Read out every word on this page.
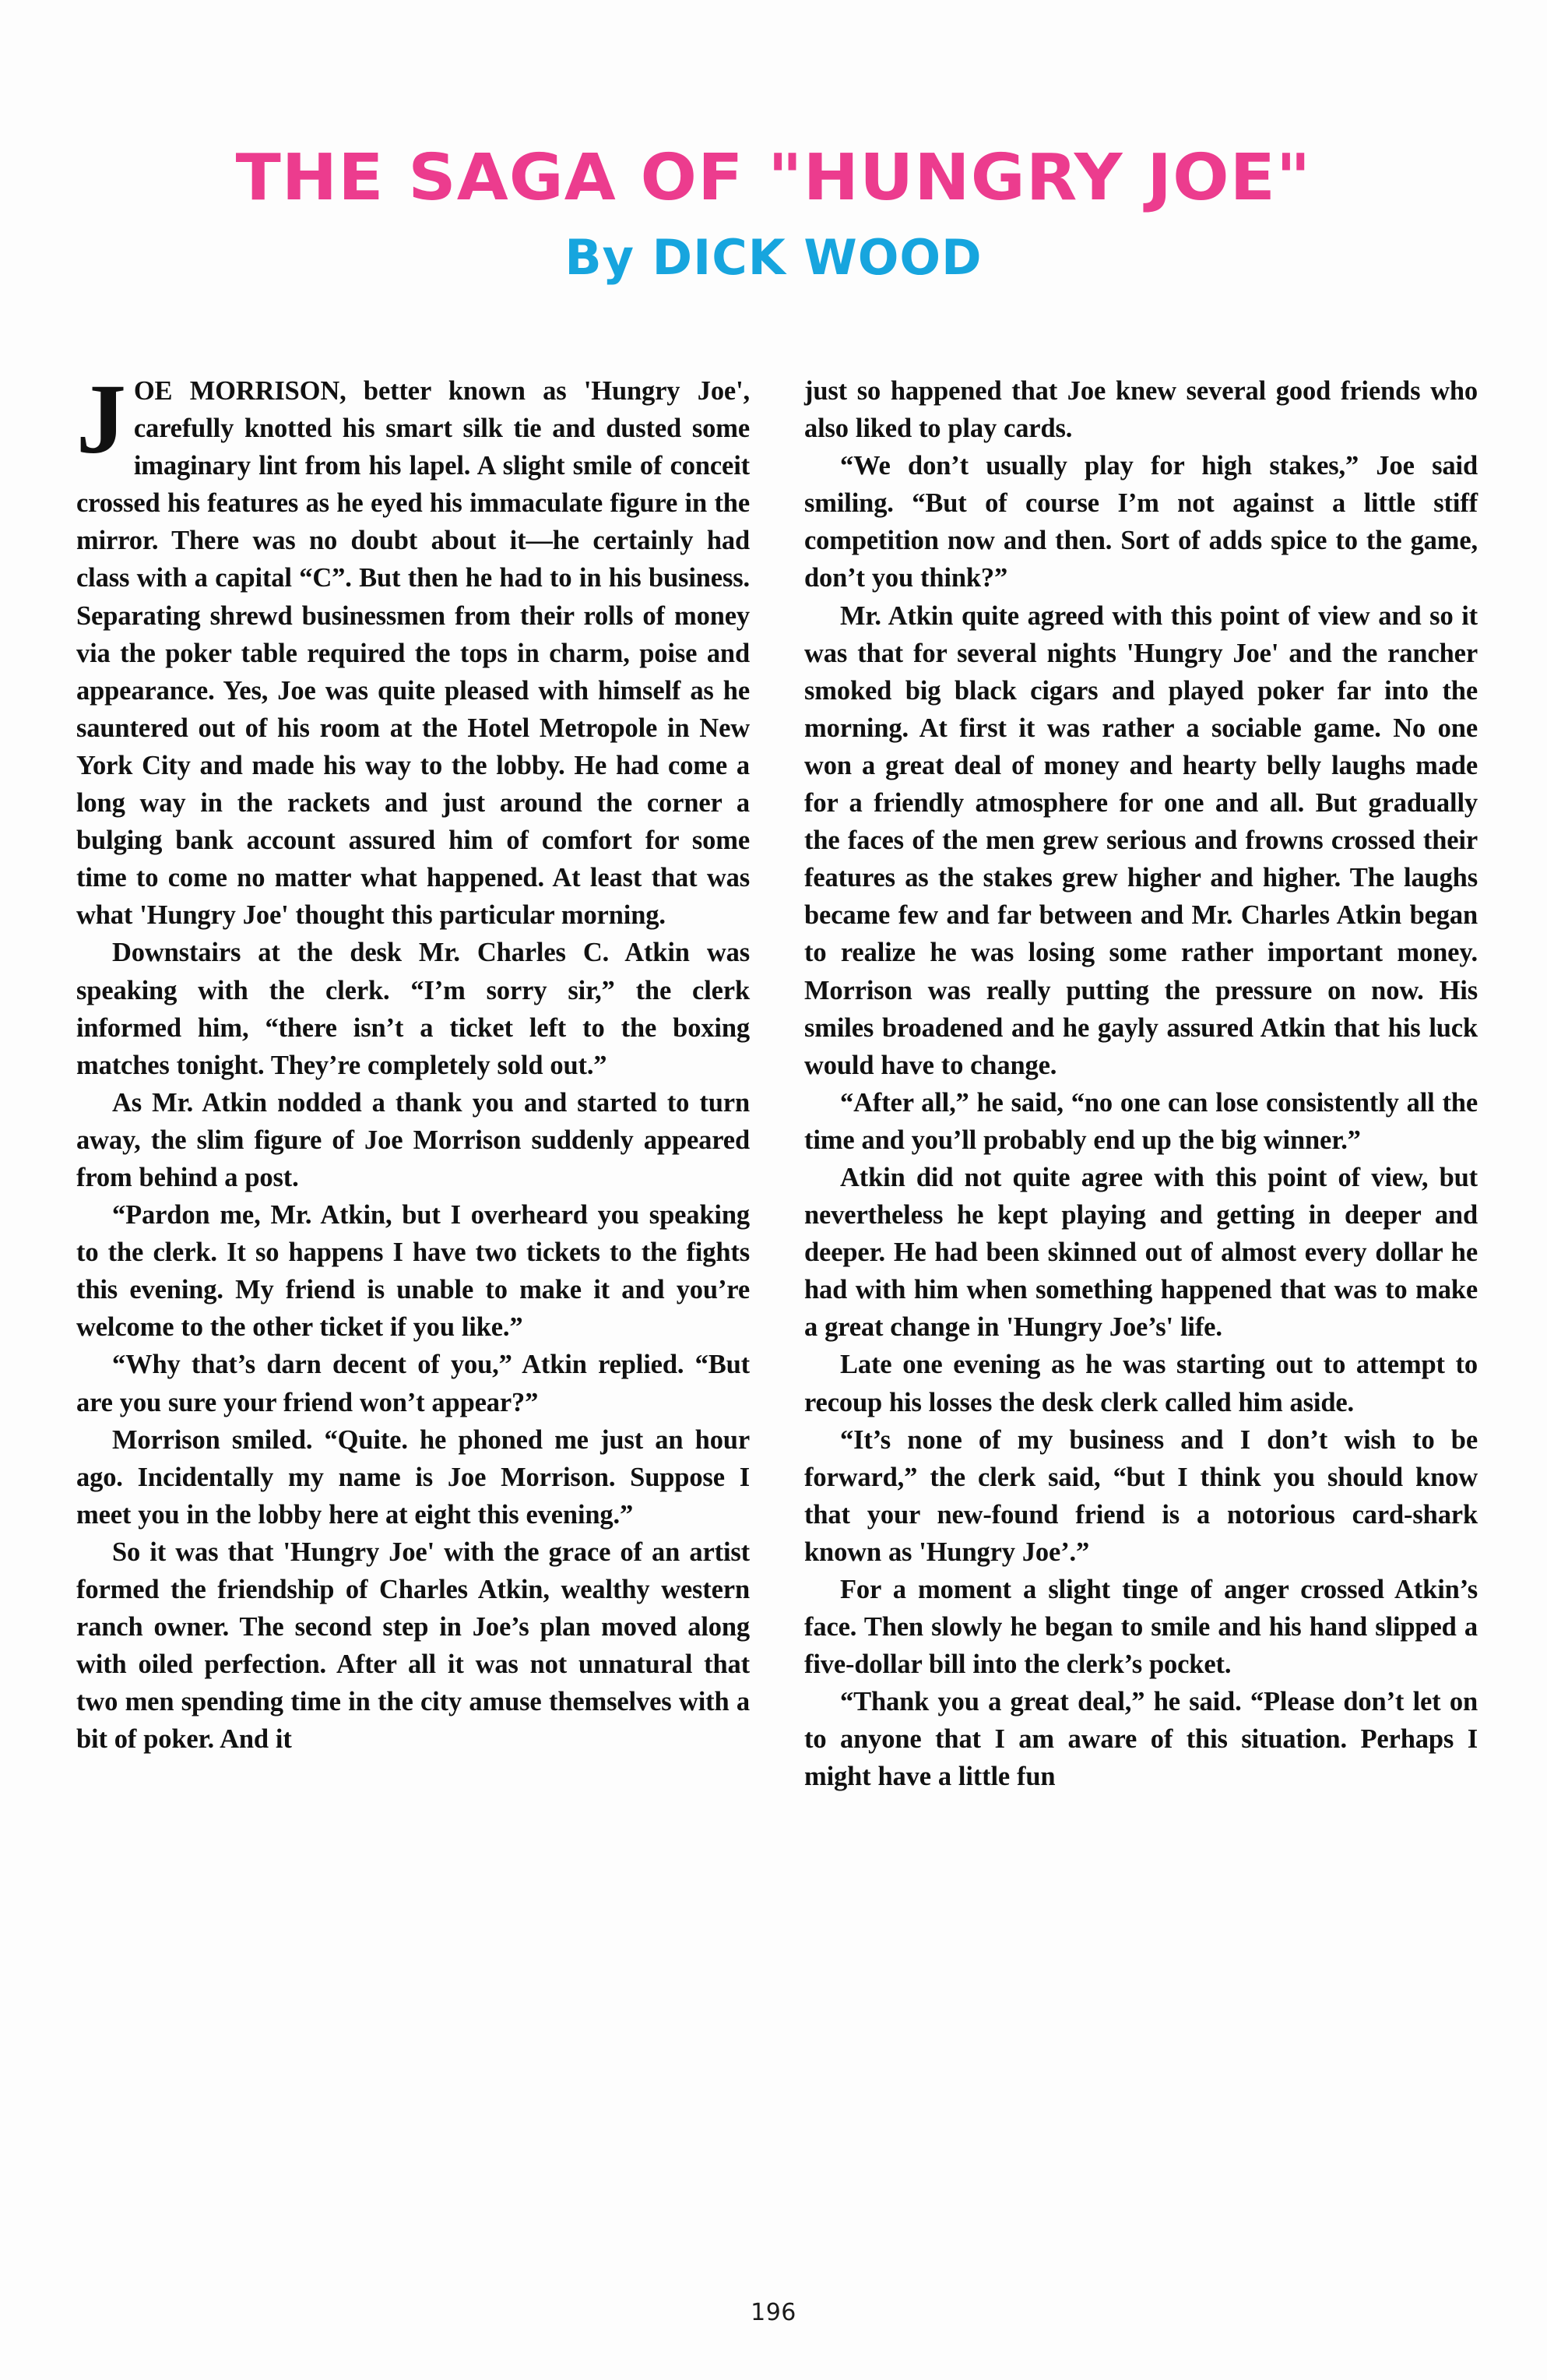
THE SAGA OF "HUNGRY JOE"
By DICK WOOD

JOE MORRISON, better known as 'Hungry Joe', carefully knotted his smart silk tie and dusted some imaginary lint from his lapel. A slight smile of conceit crossed his features as he eyed his immaculate figure in the mirror. There was no doubt about it—he certainly had class with a capital “C”. But then he had to in his business. Separating shrewd businessmen from their rolls of money via the poker table required the tops in charm, poise and appearance. Yes, Joe was quite pleased with himself as he sauntered out of his room at the Hotel Metropole in New York City and made his way to the lobby. He had come a long way in the rackets and just around the corner a bulging bank account assured him of comfort for some time to come no matter what happened. At least that was what 'Hungry Joe' thought this particular morning.

Downstairs at the desk Mr. Charles C. Atkin was speaking with the clerk. “I’m sorry sir,” the clerk informed him, “there isn’t a ticket left to the boxing matches tonight. They’re completely sold out.”

As Mr. Atkin nodded a thank you and started to turn away, the slim figure of Joe Morrison suddenly appeared from behind a post.

“Pardon me, Mr. Atkin, but I overheard you speaking to the clerk. It so happens I have two tickets to the fights this evening. My friend is unable to make it and you’re welcome to the other ticket if you like.”

“Why that’s darn decent of you,” Atkin replied. “But are you sure your friend won’t appear?”

Morrison smiled. “Quite. he phoned me just an hour ago. Incidentally my name is Joe Morrison. Suppose I meet you in the lobby here at eight this evening.”

So it was that 'Hungry Joe' with the grace of an artist formed the friendship of Charles Atkin, wealthy western ranch owner. The second step in Joe’s plan moved along with oiled perfection. After all it was not unnatural that two men spending time in the city amuse themselves with a bit of poker. And it

just so happened that Joe knew several good friends who also liked to play cards.

“We don’t usually play for high stakes,” Joe said smiling. “But of course I’m not against a little stiff competition now and then. Sort of adds spice to the game, don’t you think?”

Mr. Atkin quite agreed with this point of view and so it was that for several nights 'Hungry Joe' and the rancher smoked big black cigars and played poker far into the morning. At first it was rather a sociable game. No one won a great deal of money and hearty belly laughs made for a friendly atmosphere for one and all. But gradually the faces of the men grew serious and frowns crossed their features as the stakes grew higher and higher. The laughs became few and far between and Mr. Charles Atkin began to realize he was losing some rather important money. Morrison was really putting the pressure on now. His smiles broadened and he gayly assured Atkin that his luck would have to change.

“After all,” he said, “no one can lose consistently all the time and you’ll probably end up the big winner.”

Atkin did not quite agree with this point of view, but nevertheless he kept playing and getting in deeper and deeper. He had been skinned out of almost every dollar he had with him when something happened that was to make a great change in 'Hungry Joe’s' life.

Late one evening as he was starting out to attempt to recoup his losses the desk clerk called him aside.

“It’s none of my business and I don’t wish to be forward,” the clerk said, “but I think you should know that your new-found friend is a notorious card-shark known as 'Hungry Joe’.”

For a moment a slight tinge of anger crossed Atkin’s face. Then slowly he began to smile and his hand slipped a five-dollar bill into the clerk’s pocket.

“Thank you a great deal,” he said. “Please don’t let on to anyone that I am aware of this situation. Perhaps I might have a little fun

196
